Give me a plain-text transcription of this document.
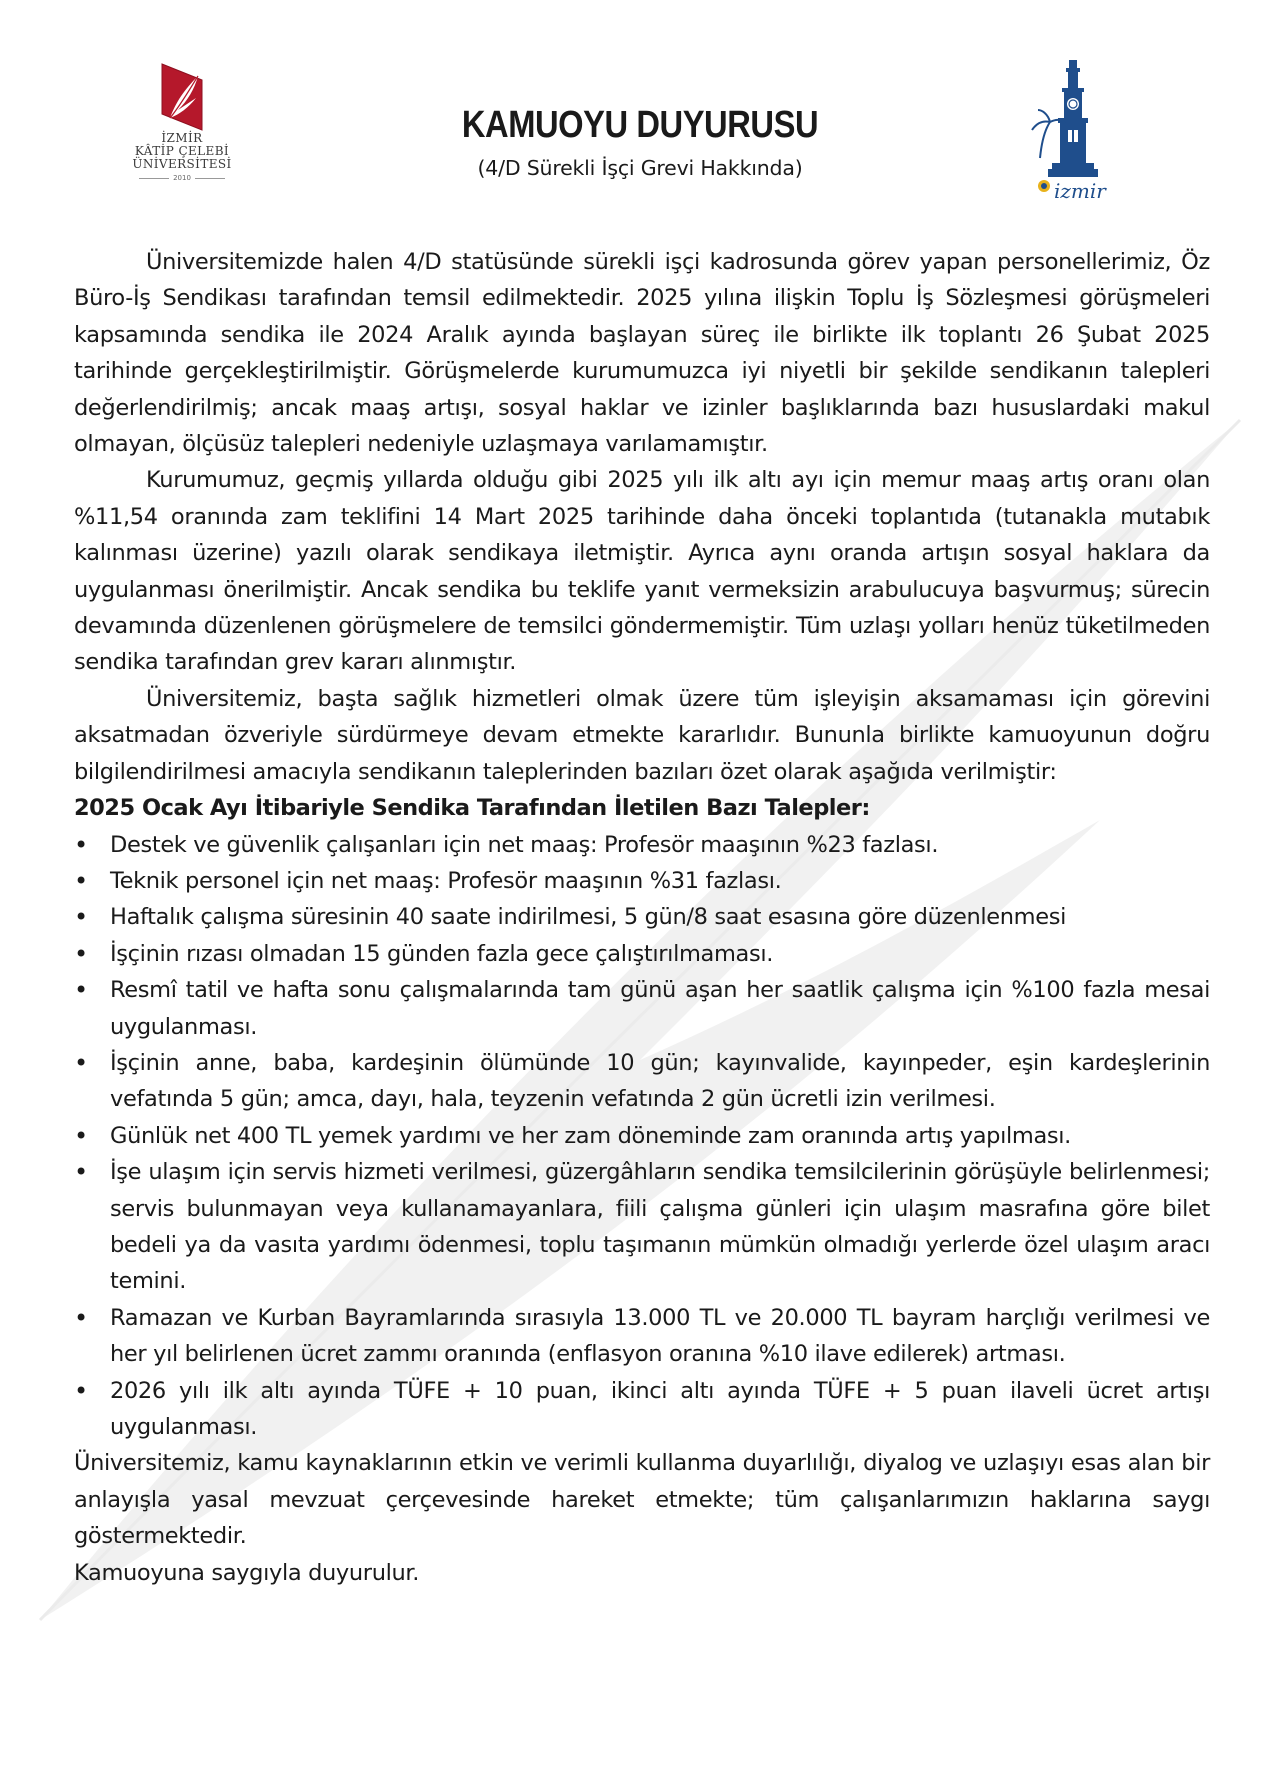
İZMİR
KÂTİP ÇELEBİ
ÜNİVERSİTESİ
2010
KAMUOYU DUYURUSU
(4/D Sürekli İşçi Grevi Hakkında)
izmir

Üniversitemizde halen 4/D statüsünde sürekli işçi kadrosunda görev yapan personellerimiz, Öz Büro-İş Sendikası tarafından temsil edilmektedir. 2025 yılına ilişkin Toplu İş Sözleşmesi görüşmeleri kapsamında sendika ile 2024 Aralık ayında başlayan süreç ile birlikte ilk toplantı 26 Şubat 2025 tarihinde gerçekleştirilmiştir. Görüşmelerde kurumumuzca iyi niyetli bir şekilde sendikanın talepleri değerlendirilmiş; ancak maaş artışı, sosyal haklar ve izinler başlıklarında bazı hususlardaki makul olmayan, ölçüsüz talepleri nedeniyle uzlaşmaya varılamamıştır.

Kurumumuz, geçmiş yıllarda olduğu gibi 2025 yılı ilk altı ayı için memur maaş artış oranı olan %11,54 oranında zam teklifini 14 Mart 2025 tarihinde daha önceki toplantıda (tutanakla mutabık kalınması üzerine) yazılı olarak sendikaya iletmiştir. Ayrıca aynı oranda artışın sosyal haklara da uygulanması önerilmiştir. Ancak sendika bu teklife yanıt vermeksizin arabulucuya başvurmuş; sürecin devamında düzenlenen görüşmelere de temsilci göndermemiştir. Tüm uzlaşı yolları henüz tüketilmeden sendika tarafından grev kararı alınmıştır.

Üniversitemiz, başta sağlık hizmetleri olmak üzere tüm işleyişin aksamaması için görevini aksatmadan özveriyle sürdürmeye devam etmekte kararlıdır. Bununla birlikte kamuoyunun doğru bilgilendirilmesi amacıyla sendikanın taleplerinden bazıları özet olarak aşağıda verilmiştir:

2025 Ocak Ayı İtibariyle Sendika Tarafından İletilen Bazı Talepler:

• Destek ve güvenlik çalışanları için net maaş: Profesör maaşının %23 fazlası.
• Teknik personel için net maaş: Profesör maaşının %31 fazlası.
• Haftalık çalışma süresinin 40 saate indirilmesi, 5 gün/8 saat esasına göre düzenlenmesi
• İşçinin rızası olmadan 15 günden fazla gece çalıştırılmaması.
• Resmî tatil ve hafta sonu çalışmalarında tam günü aşan her saatlik çalışma için %100 fazla mesai uygulanması.
• İşçinin anne, baba, kardeşinin ölümünde 10 gün; kayınvalide, kayınpeder, eşin kardeşlerinin vefatında 5 gün; amca, dayı, hala, teyzenin vefatında 2 gün ücretli izin verilmesi.
• Günlük net 400 TL yemek yardımı ve her zam döneminde zam oranında artış yapılması.
• İşe ulaşım için servis hizmeti verilmesi, güzergâhların sendika temsilcilerinin görüşüyle belirlenmesi; servis bulunmayan veya kullanamayanlara, fiili çalışma günleri için ulaşım masrafına göre bilet bedeli ya da vasıta yardımı ödenmesi, toplu taşımanın mümkün olmadığı yerlerde özel ulaşım aracı temini.
• Ramazan ve Kurban Bayramlarında sırasıyla 13.000 TL ve 20.000 TL bayram harçlığı verilmesi ve her yıl belirlenen ücret zammı oranında (enflasyon oranına %10 ilave edilerek) artması.
• 2026 yılı ilk altı ayında TÜFE + 10 puan, ikinci altı ayında TÜFE + 5 puan ilaveli ücret artışı uygulanması.

Üniversitemiz, kamu kaynaklarının etkin ve verimli kullanma duyarlılığı, diyalog ve uzlaşıyı esas alan bir anlayışla yasal mevzuat çerçevesinde hareket etmekte; tüm çalışanlarımızın haklarına saygı göstermektedir.

Kamuoyuna saygıyla duyurulur.
